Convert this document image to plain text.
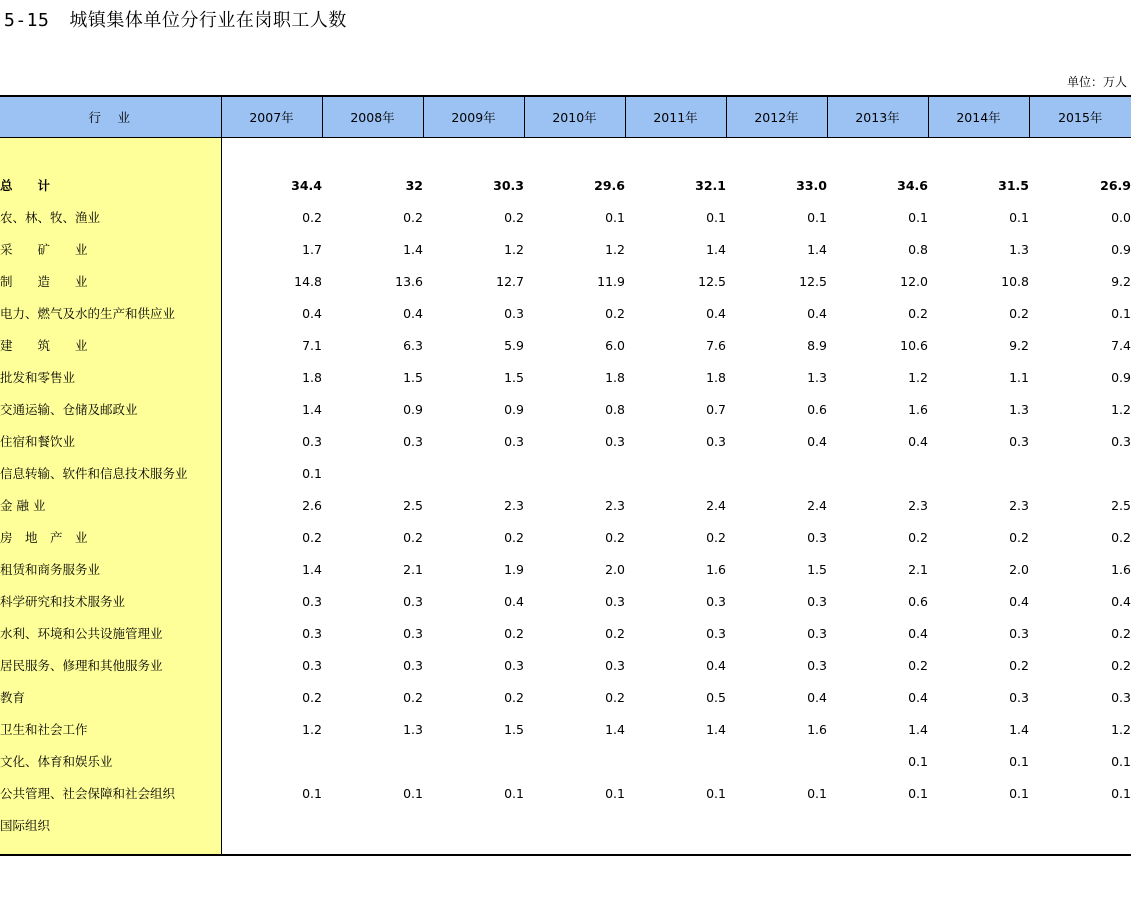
5-15 城镇集体单位分行业在岗职工人数
单位：万人
行　业	2007年	2008年	2009年	2010年	2011年	2012年	2013年	2014年	2015年

总　　计	34.4	32	30.3	29.6	32.1	33.0	34.6	31.5	26.9
农、林、牧、渔业	0.2	0.2	0.2	0.1	0.1	0.1	0.1	0.1	0.0
采　　矿　　业	1.7	1.4	1.2	1.2	1.4	1.4	0.8	1.3	0.9
制　　造　　业	14.8	13.6	12.7	11.9	12.5	12.5	12.0	10.8	9.2
电力、燃气及水的生产和供应业	0.4	0.4	0.3	0.2	0.4	0.4	0.2	0.2	0.1
建　　筑　　业	7.1	6.3	5.9	6.0	7.6	8.9	10.6	9.2	7.4
批发和零售业	1.8	1.5	1.5	1.8	1.8	1.3	1.2	1.1	0.9
交通运输、仓储及邮政业	1.4	0.9	0.9	0.8	0.7	0.6	1.6	1.3	1.2
住宿和餐饮业	0.3	0.3	0.3	0.3	0.3	0.4	0.4	0.3	0.3
信息转输、软件和信息技术服务业	0.1								
金 融 业	2.6	2.5	2.3	2.3	2.4	2.4	2.3	2.3	2.5
房　地　产　业	0.2	0.2	0.2	0.2	0.2	0.3	0.2	0.2	0.2
租赁和商务服务业	1.4	2.1	1.9	2.0	1.6	1.5	2.1	2.0	1.6
科学研究和技术服务业	0.3	0.3	0.4	0.3	0.3	0.3	0.6	0.4	0.4
水利、环境和公共设施管理业	0.3	0.3	0.2	0.2	0.3	0.3	0.4	0.3	0.2
居民服务、修理和其他服务业	0.3	0.3	0.3	0.3	0.4	0.3	0.2	0.2	0.2
教育	0.2	0.2	0.2	0.2	0.5	0.4	0.4	0.3	0.3
卫生和社会工作	1.2	1.3	1.5	1.4	1.4	1.6	1.4	1.4	1.2
文化、体育和娱乐业							0.1	0.1	0.1
公共管理、社会保障和社会组织	0.1	0.1	0.1	0.1	0.1	0.1	0.1	0.1	0.1
国际组织									
